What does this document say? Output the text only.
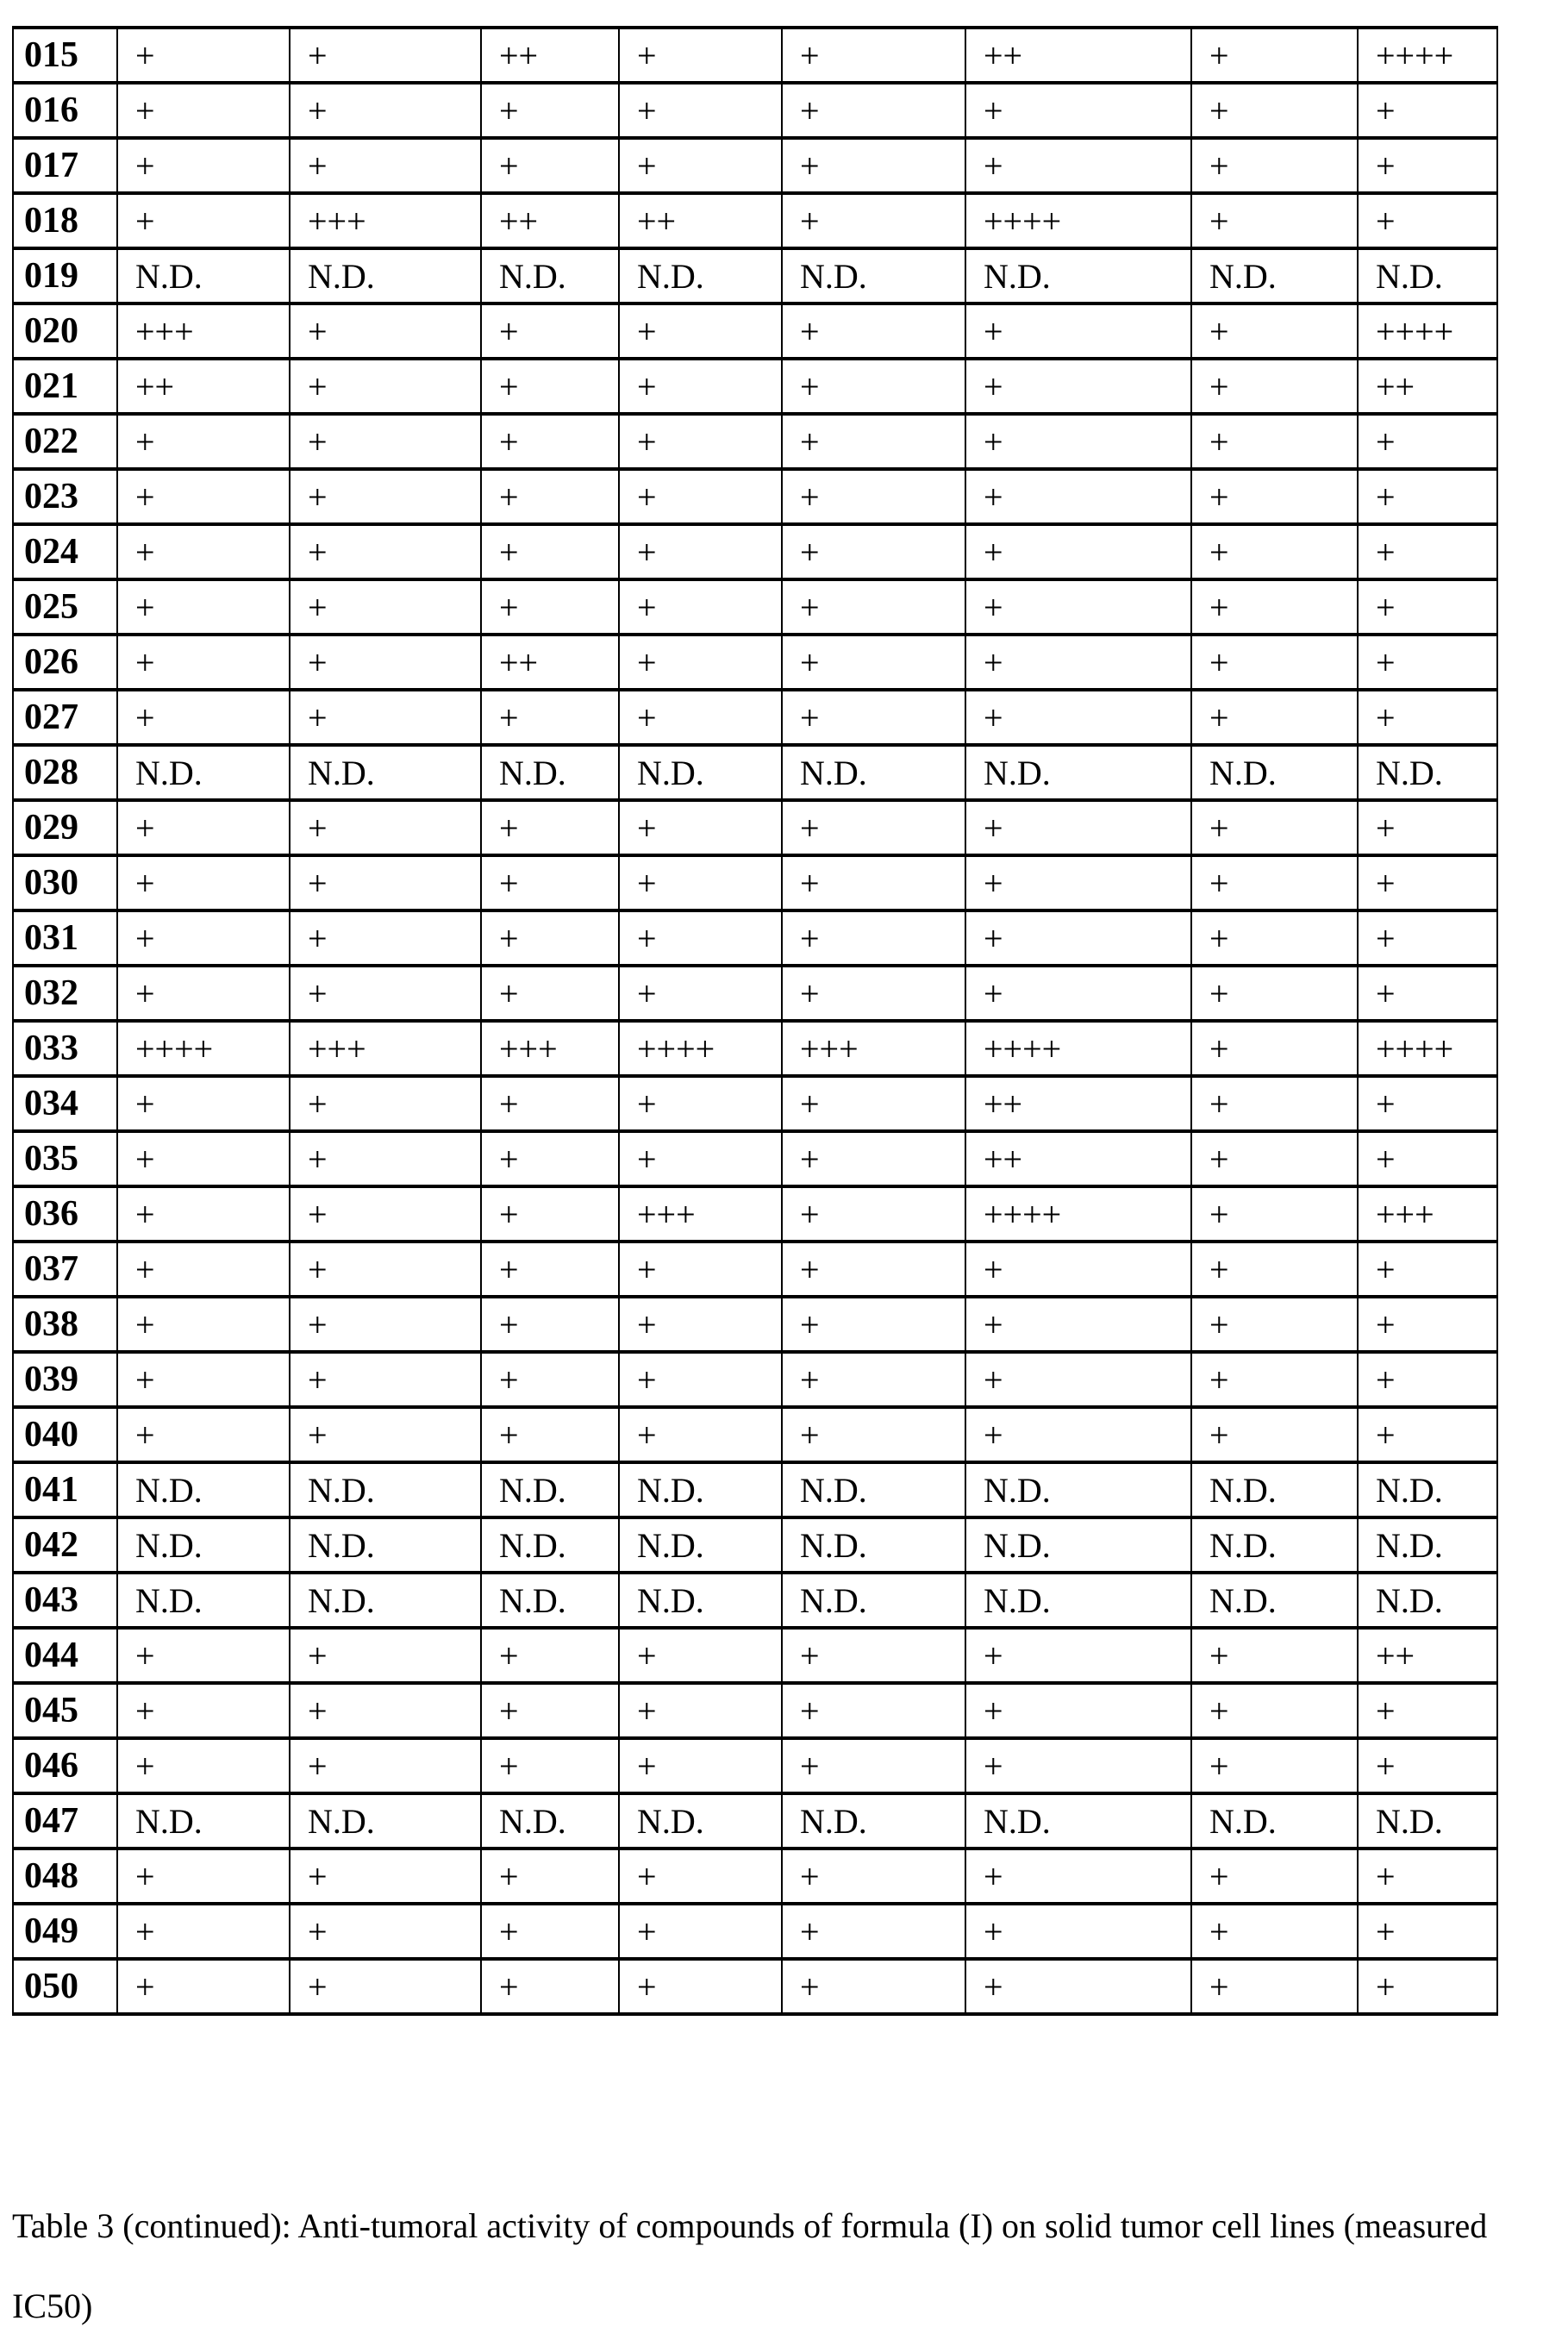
015	+	+	++	+	+	++	+	++++
016	+	+	+	+	+	+	+	+
017	+	+	+	+	+	+	+	+
018	+	+++	++	++	+	++++	+	+
019	N.D.	N.D.	N.D.	N.D.	N.D.	N.D.	N.D.	N.D.
020	+++	+	+	+	+	+	+	++++
021	++	+	+	+	+	+	+	++
022	+	+	+	+	+	+	+	+
023	+	+	+	+	+	+	+	+
024	+	+	+	+	+	+	+	+
025	+	+	+	+	+	+	+	+
026	+	+	++	+	+	+	+	+
027	+	+	+	+	+	+	+	+
028	N.D.	N.D.	N.D.	N.D.	N.D.	N.D.	N.D.	N.D.
029	+	+	+	+	+	+	+	+
030	+	+	+	+	+	+	+	+
031	+	+	+	+	+	+	+	+
032	+	+	+	+	+	+	+	+
033	++++	+++	+++	++++	+++	++++	+	++++
034	+	+	+	+	+	++	+	+
035	+	+	+	+	+	++	+	+
036	+	+	+	+++	+	++++	+	+++
037	+	+	+	+	+	+	+	+
038	+	+	+	+	+	+	+	+
039	+	+	+	+	+	+	+	+
040	+	+	+	+	+	+	+	+
041	N.D.	N.D.	N.D.	N.D.	N.D.	N.D.	N.D.	N.D.
042	N.D.	N.D.	N.D.	N.D.	N.D.	N.D.	N.D.	N.D.
043	N.D.	N.D.	N.D.	N.D.	N.D.	N.D.	N.D.	N.D.
044	+	+	+	+	+	+	+	++
045	+	+	+	+	+	+	+	+
046	+	+	+	+	+	+	+	+
047	N.D.	N.D.	N.D.	N.D.	N.D.	N.D.	N.D.	N.D.
048	+	+	+	+	+	+	+	+
049	+	+	+	+	+	+	+	+
050	+	+	+	+	+	+	+	+
Table 3 (continued): Anti-tumoral activity of compounds of formula (I) on solid tumor cell lines (measured IC50)
